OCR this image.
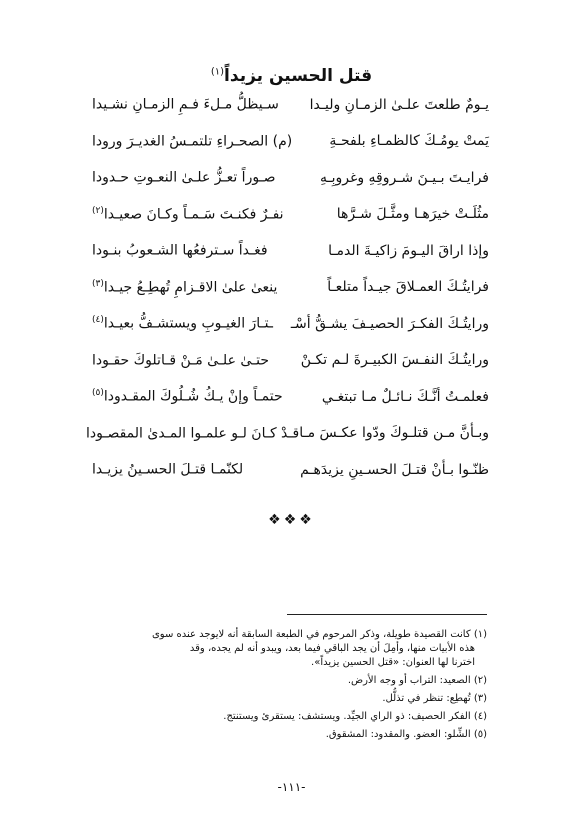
قتل الحسين يزيداً$^{(١)}$
يـومٌ طلعتَ علـىٰ الزمـانِ وليـدا
سـيظلُّ مـلءَ فـمِ الزمـانِ نشـيدا
يَمتْ يومُـكَ كالظمـاءِ بلفحـةِ
(م) الصحـراءِ تلتمـسُ الغديـرَ ورودا
فرايـتَ بـيـنَ شـروقِهِ وغروبِـهِ
صـوراً تعـزُّ علـىٰ النعـوتِ حـدودا
مثُلَـتْ خيرَهـا ومثَّـلَ شـرَّها
نفـرٌ فكنـتَ سَـمـاً وكـانَ صعيـدا$^{(٢)}$
وإذا اراقَ اليـومَ زاكيـةَ الدمـا
فغـداً سـترفعُها الشـعوبُ بنـودا
فرايتُـكَ العمـلاقَ جيـداً متلعـاً
ينعىٰ علىٰ الاقـزامِ تُهطِـعُ جيـدا$^{(٣)}$
ورايتُـكَ الفكـرَ الحصيـفَ يشـقُّ أسْـ
ـتـارَ الغيـوبِ ويستشـفُّ بعيـدا$^{(٤)}$
ورايتُـكَ النفـسَ الكبيـرةَ لـم تكـنْ
حتـىٰ علـىٰ مَـنْ قـاتلوكَ حقـودا
فعلمـتُ أنَّـكَ نـائـلٌ مـا تبتغـي
حتمـاً وإنْ يـكُ شُـلُوكَ المقـدودا$^{(٥)}$
وبـأنَّ مـن قتلـوكَ ودّوا عكـسَ مـا
قـدْ كـانَ لـو علمـوا المـدىٰ المقصـودا
ظنّـوا بـأنْ قتـلَ الحسـينِ يزيدَهـم
لكنّمـا قتـلَ الحسـينُ يزيـدا
❖❖❖

(١) كانت القصيدة طويلة، وذكر المرحوم في الطبعة السابقة أنه لايوجد عنده سوى
هذه الأبيات منها، وأمِلَ أن يجد الباقي فيما بعد، ويبدو أنه لم يجده، وقد
اخترنا لها العنوان: «قتل الحسين يزيداً».

(٢) الصعيد: التراب أو وجه الأرض.

(٣) تُهطِع: تنظر في تذلُّل.

(٤) الفكر الحصيف: ذو الراي الجيِّد. ويستشف: يستقرئ ويستنتج.

(٥) الشِّلو: العضو. والمقدود: المشقوق.

-١١١-
